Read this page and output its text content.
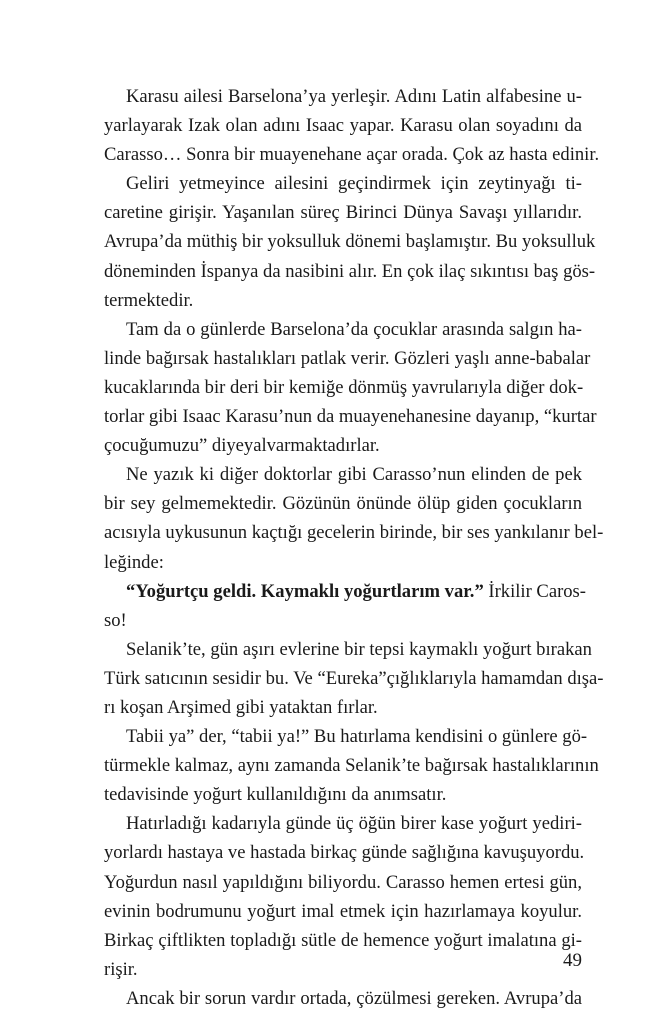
Karasu ailesi Barselona’ya yerleşir. Adını Latin alfabesine u-
yarlayarak Izak olan adını Isaac yapar. Karasu olan soyadını da
Carasso… Sonra bir muayenehane açar orada. Çok az hasta edinir.
Geliri yetmeyince ailesini geçindirmek için zeytinyağı ti-
caretine girişir. Yaşanılan süreç Birinci Dünya Savaşı yıllarıdır.
Avrupa’da müthiş bir yoksulluk dönemi başlamıştır. Bu yoksulluk
döneminden İspanya da nasibini alır. En çok ilaç sıkıntısı baş gös-
termektedir.
Tam da o günlerde Barselona’da çocuklar arasında salgın ha-
linde bağırsak hastalıkları patlak verir. Gözleri yaşlı anne-babalar
kucaklarında bir deri bir kemiğe dönmüş yavrularıyla diğer dok-
torlar gibi Isaac Karasu’nun da muayenehanesine dayanıp, “kurtar
çocuğumuzu” diyeyalvarmaktadırlar.
Ne yazık ki diğer doktorlar gibi Carasso’nun elinden de pek
bir sey gelmemektedir. Gözünün önünde ölüp giden çocukların
acısıyla uykusunun kaçtığı gecelerin birinde, bir ses yankılanır bel-
leğinde:
“Yoğurtçu geldi. Kaymaklı yoğurtlarım var.” İrkilir Caros-
so!
Selanik’te, gün aşırı evlerine bir tepsi kaymaklı yoğurt bırakan
Türk satıcının sesidir bu. Ve “Eureka”çığlıklarıyla hamamdan dışa-
rı koşan Arşimed gibi yataktan fırlar.
Tabii ya” der, “tabii ya!” Bu hatırlama kendisini o günlere gö-
türmekle kalmaz, aynı zamanda Selanik’te bağırsak hastalıklarının
tedavisinde yoğurt kullanıldığını da anımsatır.
Hatırladığı kadarıyla günde üç öğün birer kase yoğurt yediri-
yorlardı hastaya ve hastada birkaç günde sağlığına kavuşuyordu.
Yoğurdun nasıl yapıldığını biliyordu. Carasso hemen ertesi gün,
evinin bodrumunu yoğurt imal etmek için hazırlamaya koyulur.
Birkaç çiftlikten topladığı sütle de hemence yoğurt imalatına gi-
rişir.
Ancak bir sorun vardır ortada, çözülmesi gereken. Avrupa’da
49
